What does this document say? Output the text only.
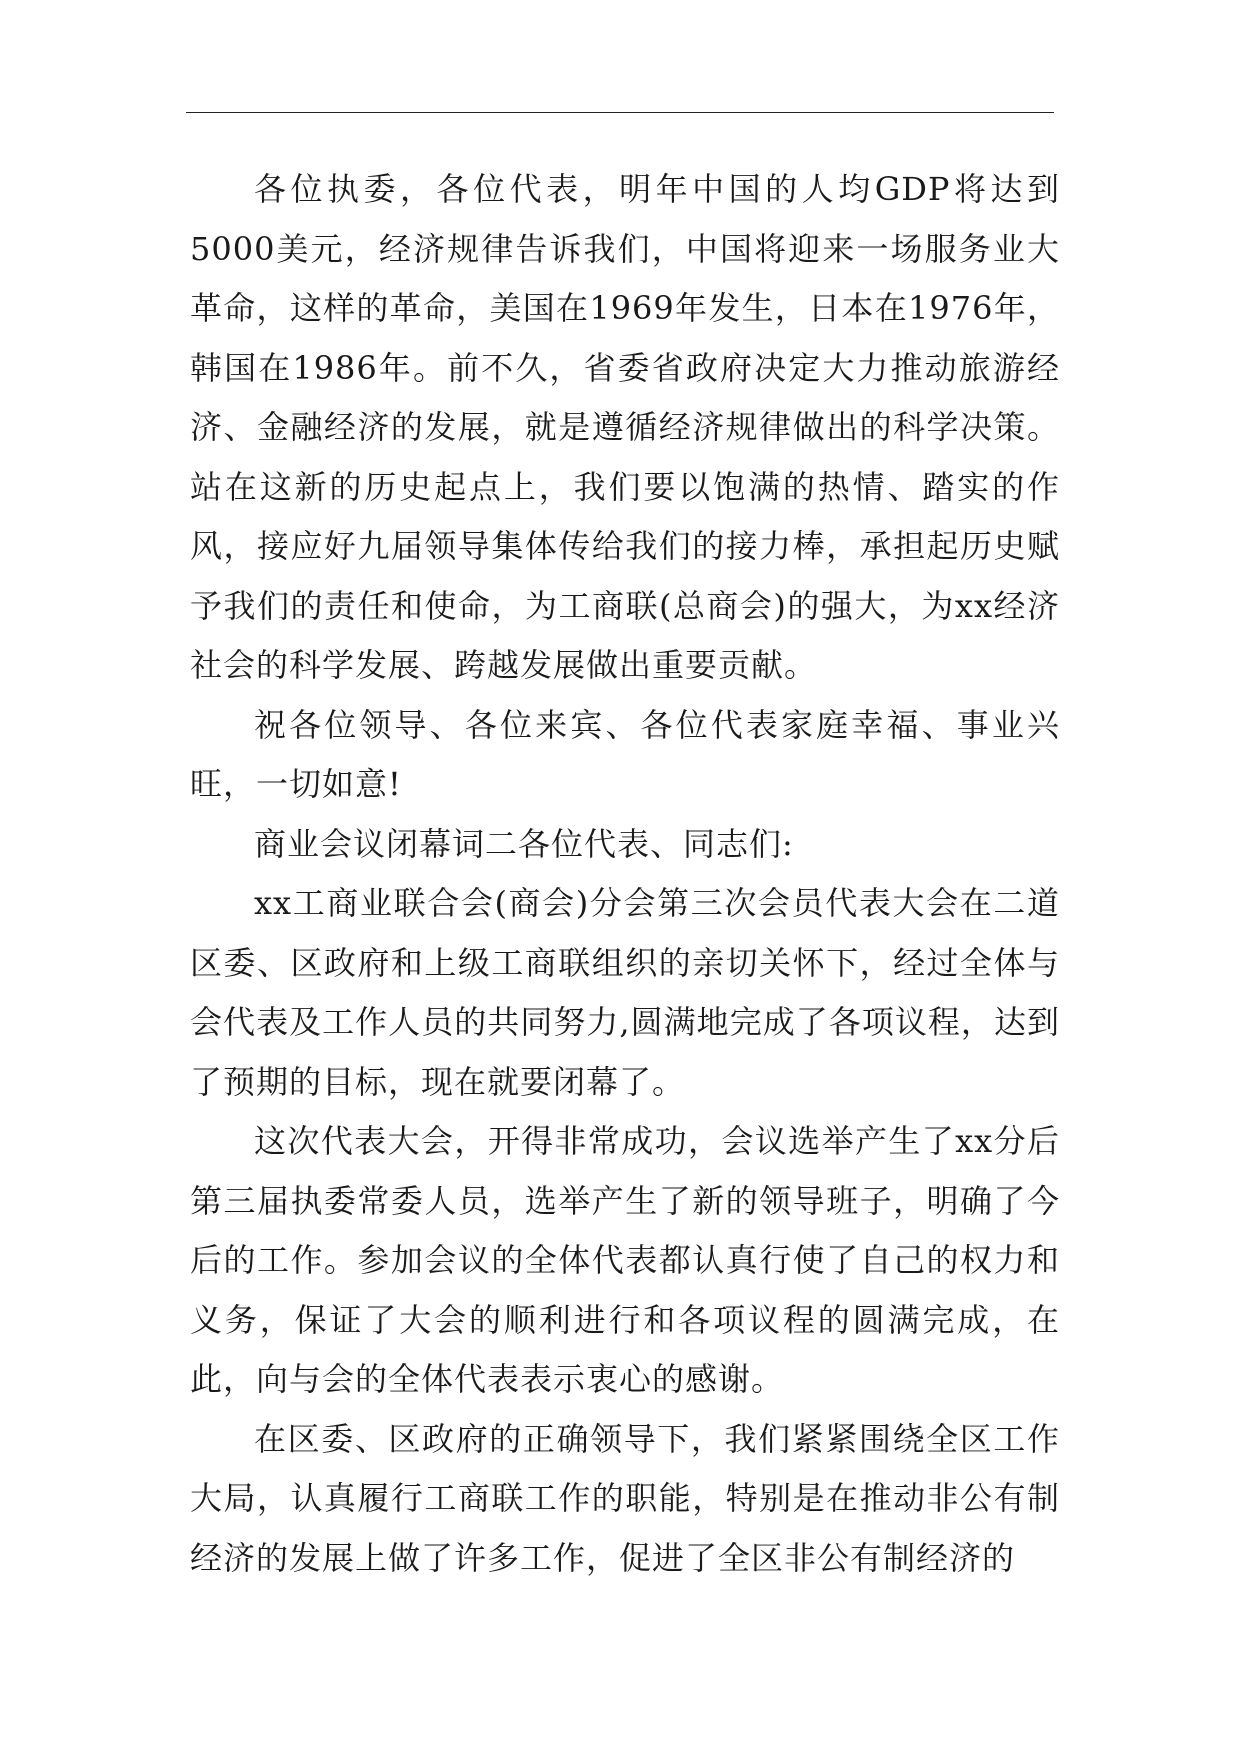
各位执委，各位代表，明年中国的人均GDP将达到5000美元，经济规律告诉我们，中国将迎来一场服务业大革命，这样的革命，美国在1969年发生，日本在1976年，韩国在1986年。前不久，省委省政府决定大力推动旅游经济、金融经济的发展，就是遵循经济规律做出的科学决策。站在这新的历史起点上，我们要以饱满的热情、踏实的作风，接应好九届领导集体传给我们的接力棒，承担起历史赋予我们的责任和使命，为工商联(总商会)的强大，为xx经济社会的科学发展、跨越发展做出重要贡献。

祝各位领导、各位来宾、各位代表家庭幸福、事业兴旺，一切如意!

商业会议闭幕词二各位代表、同志们:

xx工商业联合会(商会)分会第三次会员代表大会在二道区委、区政府和上级工商联组织的亲切关怀下，经过全体与会代表及工作人员的共同努力,圆满地完成了各项议程，达到了预期的目标，现在就要闭幕了。

这次代表大会，开得非常成功，会议选举产生了xx分后第三届执委常委人员，选举产生了新的领导班子，明确了今后的工作。参加会议的全体代表都认真行使了自己的权力和义务，保证了大会的顺利进行和各项议程的圆满完成，在此，向与会的全体代表表示衷心的感谢。

在区委、区政府的正确领导下，我们紧紧围绕全区工作大局，认真履行工商联工作的职能，特别是在推动非公有制经济的发展上做了许多工作，促进了全区非公有制经济的
